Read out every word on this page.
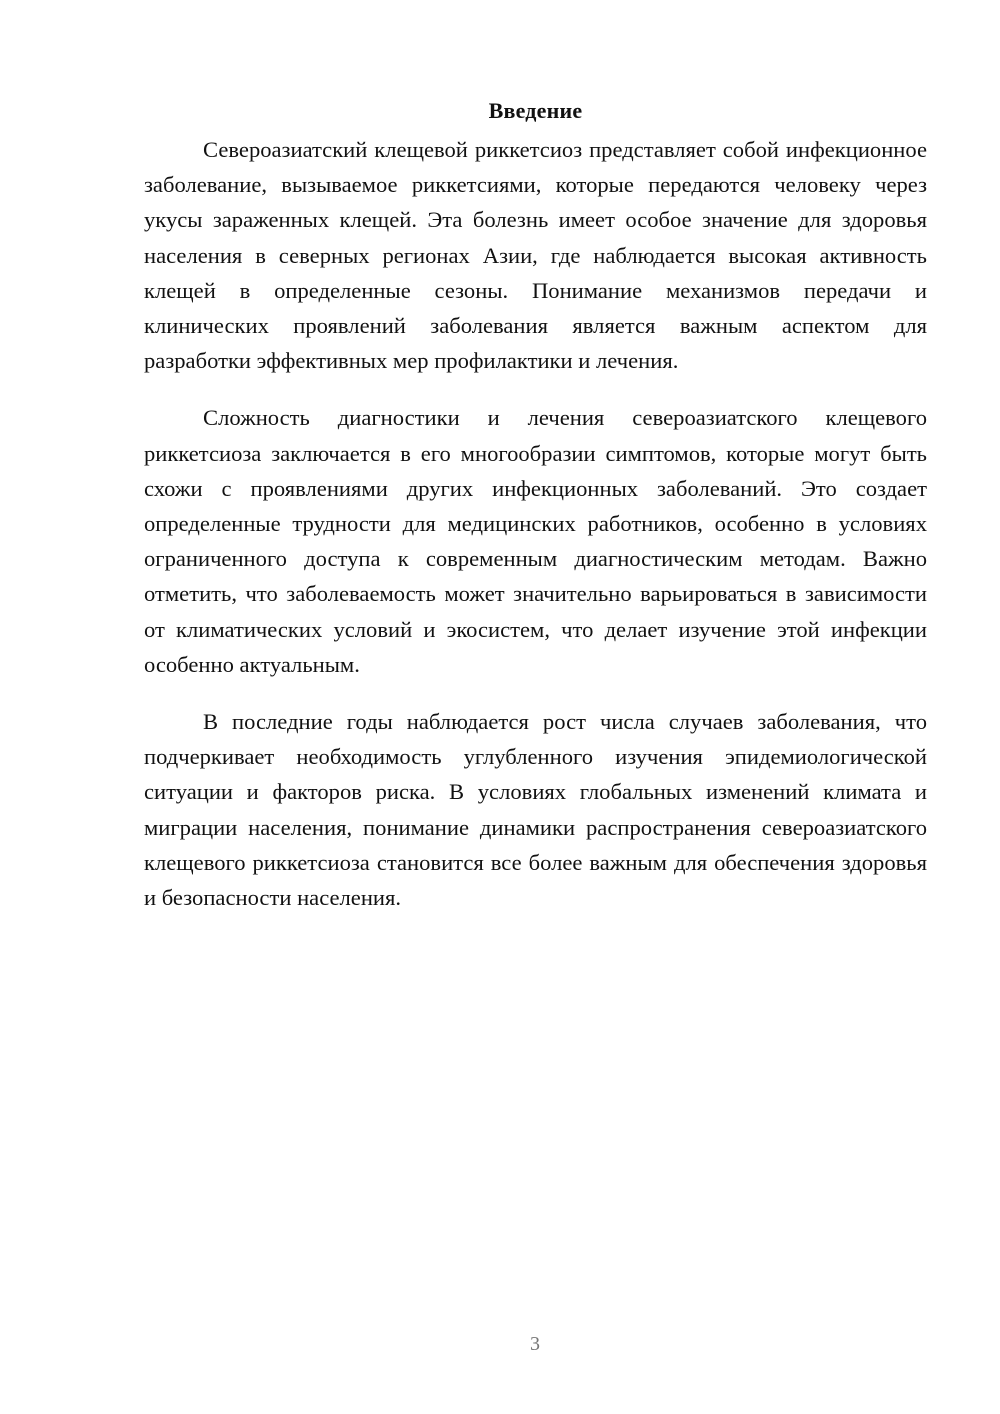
Введение

Североазиатский клещевой риккетсиоз представляет собой инфекционное заболевание, вызываемое риккетсиями, которые передаются человеку через укусы зараженных клещей. Эта болезнь имеет особое значение для здоровья населения в северных регионах Азии, где наблюдается высокая активность клещей в определенные сезоны. Понимание механизмов передачи и клинических проявлений заболевания является важным аспектом для разработки эффективных мер профилактики и лечения.

Сложность диагностики и лечения североазиатского клещевого риккетсиоза заключается в его многообразии симптомов, которые могут быть схожи с проявлениями других инфекционных заболеваний. Это создает определенные трудности для медицинских работников, особенно в условиях ограниченного доступа к современным диагностическим методам. Важно отметить, что заболеваемость может значительно варьироваться в зависимости от климатических условий и экосистем, что делает изучение этой инфекции особенно актуальным.

В последние годы наблюдается рост числа случаев заболевания, что подчеркивает необходимость углубленного изучения эпидемиологической ситуации и факторов риска. В условиях глобальных изменений климата и миграции населения, понимание динамики распространения североазиатского клещевого риккетсиоза становится все более важным для обеспечения здоровья и безопасности населения.

3
